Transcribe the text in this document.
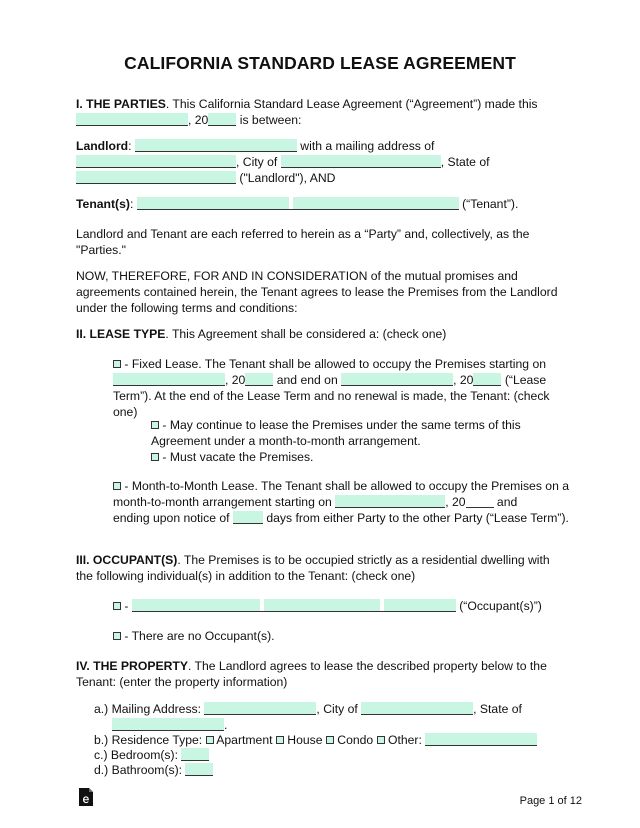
CALIFORNIA STANDARD LEASE AGREEMENT
I. THE PARTIES. This California Standard Lease Agreement (“Agreement”) made this
, 20 is between:
Landlord:	with a mailing address of
, City of	, State of
("Landlord"), AND
Tenant(s):	(“Tenant”).
Landlord and Tenant are each referred to herein as a “Party” and, collectively, as the "Parties."
NOW, THEREFORE, FOR AND IN CONSIDERATION of the mutual promises and agreements contained herein, the Tenant agrees to lease the Premises from the Landlord under the following terms and conditions:
II. LEASE TYPE. This Agreement shall be considered a: (check one)
- Fixed Lease. The Tenant shall be allowed to occupy the Premises starting on
, 20 and end on	, 20 (“Lease
Term”). At the end of the Lease Term and no renewal is made, the Tenant: (check one)
- May continue to lease the Premises under the same terms of this Agreement under a month-to-month arrangement.
- Must vacate the Premises.
- Month-to-Month Lease. The Tenant shall be allowed to occupy the Premises on a month-to-month arrangement starting on	, 20 and
ending upon notice of  days from either Party to the other Party (“Lease Term”).
III. OCCUPANT(S). The Premises is to be occupied strictly as a residential dwelling with the following individual(s) in addition to the Tenant: (check one)
-	(“Occupant(s)”)
- There are no Occupant(s).
IV. THE PROPERTY. The Landlord agrees to lease the described property below to the Tenant: (enter the property information)
a.) Mailing Address:	, City of	, State of
.
b.) Residence Type:  Apartment  House  Condo  Other:
c.) Bedroom(s):
d.) Bathroom(s):
Page 1 of 12
